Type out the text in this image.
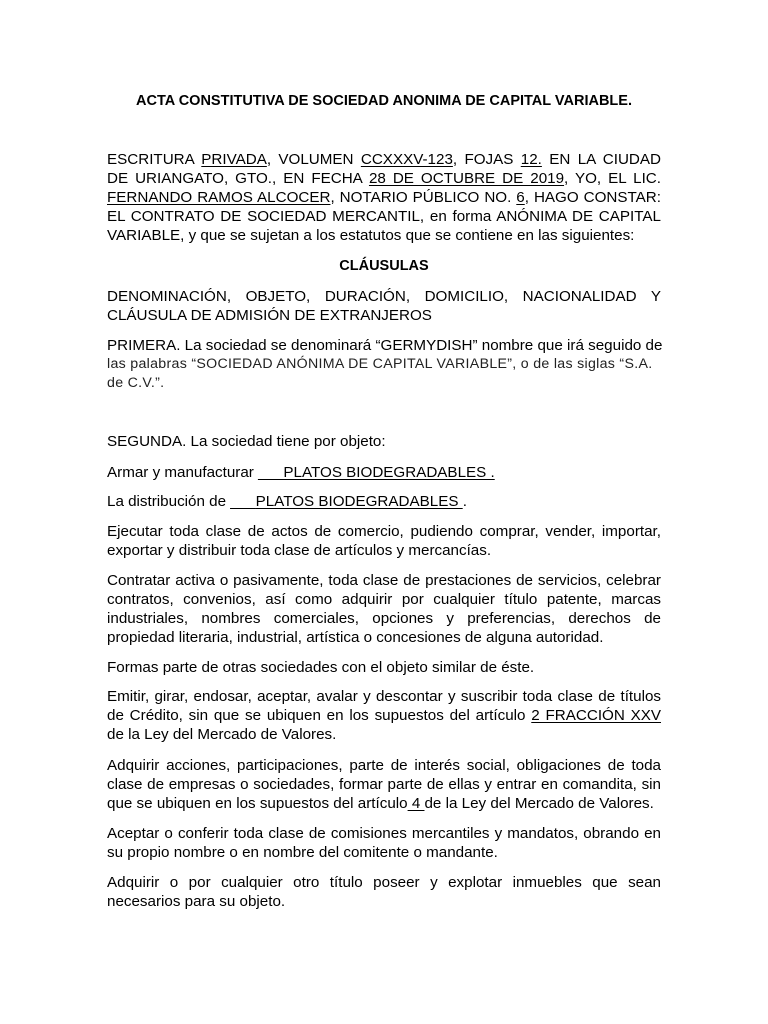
ACTA CONSTITUTIVA DE SOCIEDAD ANONIMA DE CAPITAL VARIABLE.

ESCRITURA PRIVADA, VOLUMEN CCXXXV-123, FOJAS 12. EN LA CIUDAD DE URIANGATO, GTO., EN FECHA 28 DE OCTUBRE DE 2019, YO, EL LIC. FERNANDO RAMOS ALCOCER, NOTARIO PÚBLICO NO. 6, HAGO CONSTAR: EL CONTRATO DE SOCIEDAD MERCANTIL, en forma ANÓNIMA DE CAPITAL VARIABLE, y que se sujetan a los estatutos que se contiene en las siguientes:

CLÁUSULAS

DENOMINACIÓN, OBJETO, DURACIÓN, DOMICILIO, NACIONALIDAD Y CLÁUSULA DE ADMISIÓN DE EXTRANJEROS

PRIMERA. La sociedad se denominará “GERMYDISH” nombre que irá seguido de
las palabras “SOCIEDAD ANÓNIMA DE CAPITAL VARIABLE”, o de las siglas “S.A.
de C.V.”.

SEGUNDA. La sociedad tiene por objeto:

Armar y manufacturar ___PLATOS BIODEGRADABLES .

La distribución de ___PLATOS BIODEGRADABLES .

Ejecutar toda clase de actos de comercio, pudiendo comprar, vender, importar, exportar y distribuir toda clase de artículos y mercancías.

Contratar activa o pasivamente, toda clase de prestaciones de servicios, celebrar contratos, convenios, así como adquirir por cualquier título patente, marcas industriales, nombres comerciales, opciones y preferencias, derechos de propiedad literaria, industrial, artística o concesiones de alguna autoridad.

Formas parte de otras sociedades con el objeto similar de éste.

Emitir, girar, endosar, aceptar, avalar y descontar y suscribir toda clase de títulos de Crédito, sin que se ubiquen en los supuestos del artículo 2 FRACCIÓN XXV de la Ley del Mercado de Valores.

Adquirir acciones, participaciones, parte de interés social, obligaciones de toda clase de empresas o sociedades, formar parte de ellas y entrar en comandita, sin que se ubiquen en los supuestos del artículo 4 de la Ley del Mercado de Valores.

Aceptar o conferir toda clase de comisiones mercantiles y mandatos, obrando en su propio nombre o en nombre del comitente o mandante.

Adquirir o por cualquier otro título poseer y explotar inmuebles que sean necesarios para su objeto.
